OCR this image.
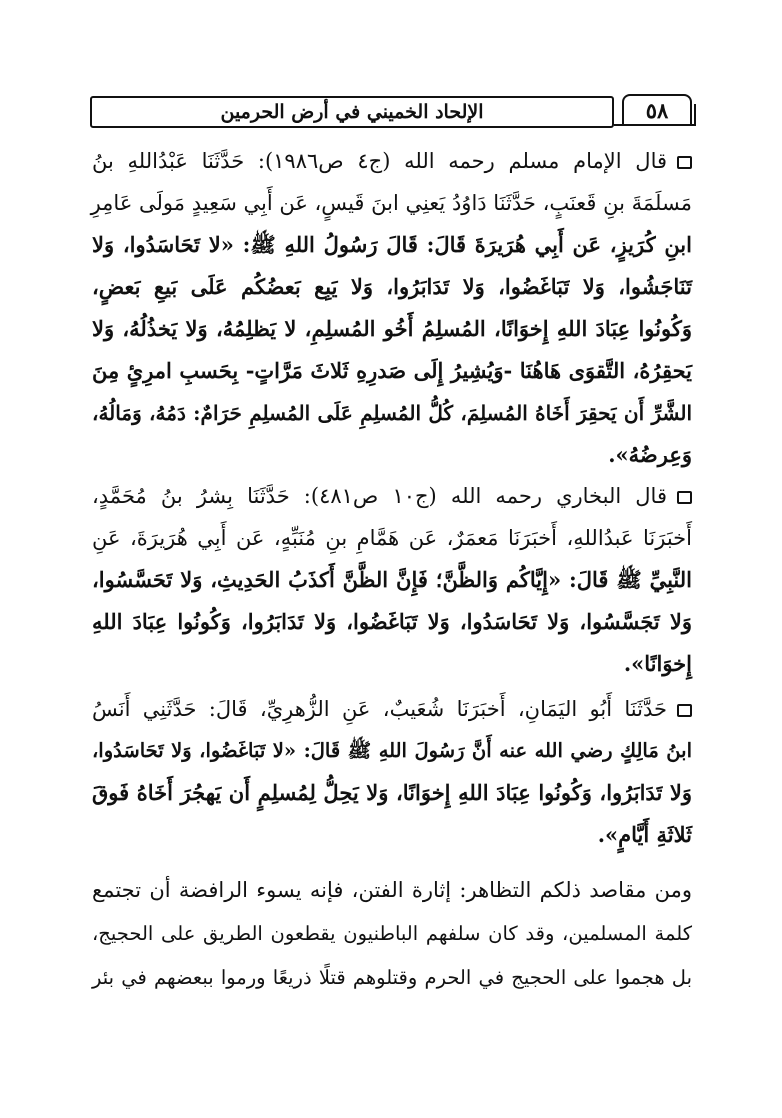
الإلحاد الخميني في أرض الحرمين	٥٨
قال الإمام مسلم رحمه الله (ج٤ ص١٩٨٦): حَدَّثَنَا عَبْدُاللهِ بنُ
مَسلَمَةَ بنِ قَعنَبٍ، حَدَّثَنَا دَاوُدُ يَعنِي ابنَ قَيسٍ، عَن أَبِي سَعِيدٍ مَولَى عَامِرِ
ابنِ كُرَيزٍ، عَن أَبِي هُرَيرَةَ قَالَ: قَالَ رَسُولُ اللهِ ﷺ: «لا تَحَاسَدُوا، وَلا
تَنَاجَشُوا، وَلا تَبَاغَضُوا، وَلا تَدَابَرُوا، وَلا يَبِع بَعضُكُم عَلَى بَيعِ بَعضٍ،
وَكُونُوا عِبَادَ اللهِ إِخوَانًا، المُسلِمُ أَخُو المُسلِمِ، لا يَظلِمُهُ، وَلا يَخذُلُهُ، وَلا
يَحقِرُهُ، التَّقوَى هَاهُنَا -وَيُشِيرُ إِلَى صَدرِهِ ثَلاثَ مَرَّاتٍ- بِحَسبِ امرِئٍ مِنَ
الشَّرِّ أَن يَحقِرَ أَخَاهُ المُسلِمَ، كُلُّ المُسلِمِ عَلَى المُسلِمِ حَرَامٌ: دَمُهُ، وَمَالُهُ،
وَعِرضُهُ».
قال البخاري رحمه الله (ج١٠ ص٤٨١): حَدَّثَنَا بِشرُ بنُ مُحَمَّدٍ،
أَخبَرَنَا عَبدُاللهِ، أَخبَرَنَا مَعمَرٌ، عَن هَمَّامِ بنِ مُنَبِّهٍ، عَن أَبِي هُرَيرَةَ، عَنِ
النَّبِيِّ ﷺ قَالَ: «إِيَّاكُم وَالظَّنَّ؛ فَإِنَّ الظَّنَّ أَكذَبُ الحَدِيثِ، وَلا تَحَسَّسُوا،
وَلا تَجَسَّسُوا، وَلا تَحَاسَدُوا، وَلا تَبَاغَضُوا، وَلا تَدَابَرُوا، وَكُونُوا عِبَادَ اللهِ
إِخوَانًا».
حَدَّثَنَا أَبُو اليَمَانِ، أَخبَرَنَا شُعَيبٌ، عَنِ الزُّهرِيِّ، قَالَ: حَدَّثَنِي أَنَسُ
ابنُ مَالِكٍ رضي الله عنه أَنَّ رَسُولَ اللهِ ﷺ قَالَ: «لا تَبَاغَضُوا، وَلا تَحَاسَدُوا،
وَلا تَدَابَرُوا، وَكُونُوا عِبَادَ اللهِ إِخوَانًا، وَلا يَحِلُّ لِمُسلِمٍ أَن يَهجُرَ أَخَاهُ فَوقَ
ثَلاثَةِ أَيَّامٍ».
ومن مقاصد ذلكم التظاهر: إثارة الفتن، فإنه يسوء الرافضة أن تجتمع
كلمة المسلمين، وقد كان سلفهم الباطنيون يقطعون الطريق على الحجيج،
بل هجموا على الحجيج في الحرم وقتلوهم قتلًا ذريعًا ورموا ببعضهم في بئر
